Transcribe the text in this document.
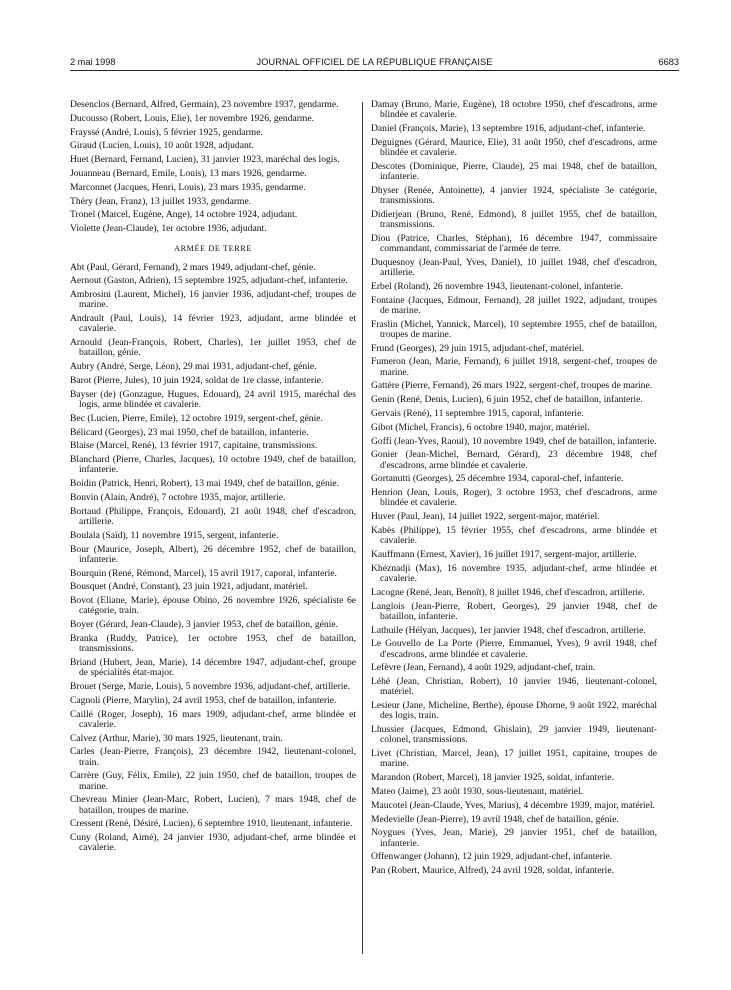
2 mai 1998	JOURNAL OFFICIEL DE LA RÉPUBLIQUE FRANÇAISE	6683

Desenclos (Bernard, Alfred, Germain), 23 novembre 1937, gendarme.

Ducousso (Robert, Louis, Elie), 1er novembre 1926, gendarme.

Frayssé (André, Louis), 5 février 1925, gendarme.

Giraud (Lucien, Louis), 10 août 1928, adjudant.

Huet (Bernard, Fernand, Lucien), 31 janvier 1923, maréchal des logis.

Jouanneau (Bernard, Emile, Louis), 13 mars 1926, gendarme.

Marconnet (Jacques, Henri, Louis), 23 mars 1935, gendarme.

Théry (Jean, Franz), 13 juillet 1933, gendarme.

Tronel (Marcel, Eugène, Ange), 14 octobre 1924, adjudant.

Violette (Jean-Claude), 1er octobre 1936, adjudant.

ARMÉE DE TERRE

Abt (Paul, Gérard, Fernand), 2 mars 1949, adjudant-chef, génie.

Aernout (Gaston, Adrien), 15 septembre 1925, adjudant-chef, infanterie.

Ambrosini (Laurent, Michel), 16 janvier 1936, adjudant-chef, troupes de marine.

Andrault (Paul, Louis), 14 février 1923, adjudant, arme blindée et cavalerie.

Arnould (Jean-François, Robert, Charles), 1er juillet 1953, chef de bataillon, génie.

Aubry (André, Serge, Léon), 29 mai 1931, adjudant-chef, génie.

Barot (Pierre, Jules), 10 juin 1924, soldat de 1re classe, infanterie.

Bayser (de) (Gonzague, Hugues, Edouard), 24 avril 1915, maréchal des logis, arme blindée et cavalerie.

Bec (Lucien, Pierre, Emile), 12 octobre 1919, sergent-chef, génie.

Bélicard (Georges), 23 mai 1950, chef de bataillon, infanterie.

Blaise (Marcel, René), 13 février 1917, capitaine, transmissions.

Blanchard (Pierre, Charles, Jacques), 10 octobre 1949, chef de bataillon, infanterie.

Boidin (Patrick, Henri, Robert), 13 mai 1949, chef de bataillon, génie.

Bonvin (Alain, André), 7 octobre 1935, major, artillerie.

Bortaud (Philippe, François, Edouard), 21 août 1948, chef d'escadron, artillerie.

Boulala (Saïd), 11 novembre 1915, sergent, infanterie.

Bour (Maurice, Joseph, Albert), 26 décembre 1952, chef de bataillon, infanterie.

Bourquin (René, Rémond, Marcel), 15 avril 1917, caporal, infanterie.

Bousquet (André, Constant), 23 juin 1921, adjudant, matériel.

Bovot (Eliane, Marie), épouse Obino, 26 novembre 1926, spécialiste 6e catégorie, train.

Boyer (Gérard, Jean-Claude), 3 janvier 1953, chef de bataillon, génie.

Branka (Ruddy, Patrice), 1er octobre 1953, chef de bataillon, transmissions.

Briand (Hubert, Jean, Marie), 14 décembre 1947, adjudant-chef, groupe de spécialités état-major.

Brouet (Serge, Marie, Louis), 5 novembre 1936, adjudant-chef, artillerie.

Cagnoli (Pierre, Marylin), 24 avril 1953, chef de bataillon, infanterie.

Caillé (Roger, Joseph), 16 mars 1909, adjudant-chef, arme blindée et cavalerie.

Calvez (Arthur, Marie), 30 mars 1925, lieutenant, train.

Carles (Jean-Pierre, François), 23 décembre 1942, lieutenant-colonel, train.

Carrère (Guy, Félix, Emile), 22 juin 1950, chef de bataillon, troupes de marine.

Chevreau Minier (Jean-Marc, Robert, Lucien), 7 mars 1948, chef de bataillon, troupes de marine.

Cressent (René, Désiré, Lucien), 6 septembre 1910, lieutenant, infanterie.

Cuny (Roland, Aimé), 24 janvier 1930, adjudant-chef, arme blindée et cavalerie.

Damay (Bruno, Marie, Eugène), 18 octobre 1950, chef d'escadrons, arme blindée et cavalerie.

Daniel (François, Marie), 13 septembre 1916, adjudant-chef, infanterie.

Deguignes (Gérard, Maurice, Elie), 31 août 1950, chef d'escadrons, arme blindée et cavalerie.

Descotes (Dominique, Pierre, Claude), 25 mai 1948, chef de bataillon, infanterie.

Dhyser (Renée, Antoinette), 4 janvier 1924, spécialiste 3e catégorie, transmissions.

Didierjean (Bruno, René, Edmond), 8 juillet 1955, chef de bataillon, transmissions.

Diou (Patrice, Charles, Stéphan), 16 décembre 1947, commissaire commandant, commissariat de l'armée de terre.

Duquesnoy (Jean-Paul, Yves, Daniel), 10 juillet 1948, chef d'escadron, artillerie.

Erbel (Roland), 26 novembre 1943, lieutenant-colonel, infanterie.

Fontaine (Jacques, Edmour, Fernand), 28 juillet 1922, adjudant, troupes de marine.

Fraslin (Michel, Yannick, Marcel), 10 septembre 1955, chef de bataillon, troupes de marine.

Frund (Georges), 29 juin 1915, adjudant-chef, matériel.

Fumeron (Jean, Marie, Fernand), 6 juillet 1918, sergent-chef, troupes de marine.

Gattère (Pierre, Fernand), 26 mars 1922, sergent-chef, troupes de marine.

Genin (René, Denis, Lucien), 6 juin 1952, chef de bataillon, infanterie.

Gervais (René), 11 septembre 1915, caporal, infanterie.

Gibot (Michel, Francis), 6 octobre 1940, major, matériel.

Goffi (Jean-Yves, Raoul), 10 novembre 1949, chef de bataillon, infanterie.

Gonier (Jean-Michel, Bernard, Gérard), 23 décembre 1948, chef d'escadrons, arme blindée et cavalerie.

Gortanutti (Georges), 25 décembre 1934, caporal-chef, infanterie.

Henrion (Jean, Louis, Roger), 3 octobre 1953, chef d'escadrons, arme blindée et cavalerie.

Huver (Paul, Jean), 14 juillet 1922, sergent-major, matériel.

Kabès (Philippe), 15 février 1955, chef d'escadrons, arme blindée et cavalerie.

Kauffmann (Ernest, Xavier), 16 juillet 1917, sergent-major, artillerie.

Khéznadji (Max), 16 novembre 1935, adjudant-chef, arme blindée et cavalerie.

Lacogne (René, Jean, Benoît), 8 juillet 1946, chef d'escadron, artillerie.

Langlois (Jean-Pierre, Robert, Georges), 29 janvier 1948, chef de bataillon, infanterie.

Lathuile (Hélyan, Jacques), 1er janvier 1948, chef d'escadron, artillerie.

Le Gouvello de La Porte (Pierre, Emmanuel, Yves), 9 avril 1948, chef d'escadrons, arme blindée et cavalerie.

Lefèvre (Jean, Fernand), 4 août 1929, adjudant-chef, train.

Léhé (Jean, Christian, Robert), 10 janvier 1946, lieutenant-colonel, matériel.

Lesieur (Jane, Micheline, Berthe), épouse Dhorne, 9 août 1922, maréchal des logis, train.

Lhussier (Jacques, Edmond, Ghislain), 29 janvier 1949, lieutenant-colonel, transmissions.

Livet (Christian, Marcel, Jean), 17 juillet 1951, capitaine, troupes de marine.

Marandon (Robert, Marcel), 18 janvier 1925, soldat, infanterie.

Mateo (Jaime), 23 août 1930, sous-lieutenant, matériel.

Maucotel (Jean-Claude, Yves, Marius), 4 décembre 1939, major, matériel.

Medevielle (Jean-Pierre), 19 avril 1948, chef de bataillon, génie.

Noygues (Yves, Jean, Marie), 29 janvier 1951, chef de bataillon, infanterie.

Offenwanger (Johann), 12 juin 1929, adjudant-chef, infanterie.

Pan (Robert, Maurice, Alfred), 24 avril 1928, soldat, infanterie.
